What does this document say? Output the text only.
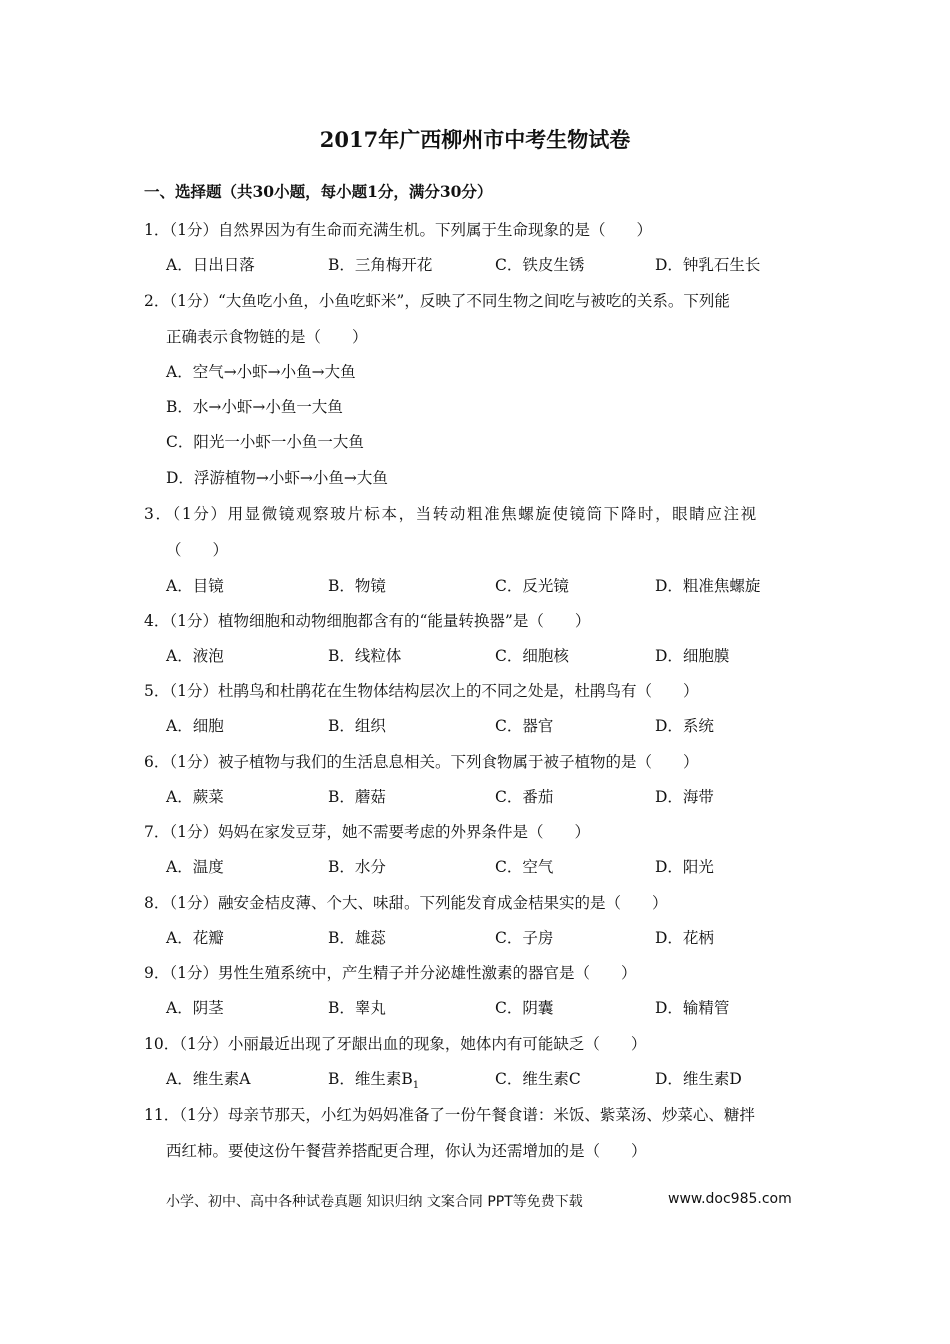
2017年广西柳州市中考生物试卷
一、选择题（共30小题，每小题1分，满分30分）
1．（1分）自然界因为有生命而充满生机。下列属于生命现象的是（　　）
A．日出日落	B．三角梅开花	C．铁皮生锈	D．钟乳石生长
2．（1分）“大鱼吃小鱼，小鱼吃虾米”，反映了不同生物之间吃与被吃的关系。下列能
正确表示食物链的是（　　）
A．空气→小虾→小鱼→大鱼
B．水→小虾→小鱼一大鱼
C．阳光一小虾一小鱼一大鱼
D．浮游植物→小虾→小鱼→大鱼
3．（1分）用显微镜观察玻片标本，当转动粗准焦螺旋使镜筒下降时，眼睛应注视
（　　）
A．目镜	B．物镜	C．反光镜	D．粗准焦螺旋
4．（1分）植物细胞和动物细胞都含有的“能量转换器”是（　　）
A．液泡	B．线粒体	C．细胞核	D．细胞膜
5．（1分）杜鹃鸟和杜鹃花在生物体结构层次上的不同之处是，杜鹃鸟有（　　）
A．细胞	B．组织	C．器官	D．系统
6．（1分）被子植物与我们的生活息息相关。下列食物属于被子植物的是（　　）
A．蕨菜	B．蘑菇	C．番茄	D．海带
7．（1分）妈妈在家发豆芽，她不需要考虑的外界条件是（　　）
A．温度	B．水分	C．空气	D．阳光
8．（1分）融安金桔皮薄、个大、味甜。下列能发育成金桔果实的是（　　）
A．花瓣	B．雄蕊	C．子房	D．花柄
9．（1分）男性生殖系统中，产生精子并分泌雄性激素的器官是（　　）
A．阴茎	B．睾丸	C．阴囊	D．输精管
10．（1分）小丽最近出现了牙龈出血的现象，她体内有可能缺乏（　　）
A．维生素A	B．维生素$B_1$	C．维生素C	D．维生素D
11．（1分）母亲节那天，小红为妈妈准备了一份午餐食谱：米饭、紫菜汤、炒菜心、糖拌
西红柿。要使这份午餐营养搭配更合理，你认为还需增加的是（　　）
小学、初中、高中各种试卷真题 知识归纳 文案合同 PPT等免费下载	www.doc985.com
